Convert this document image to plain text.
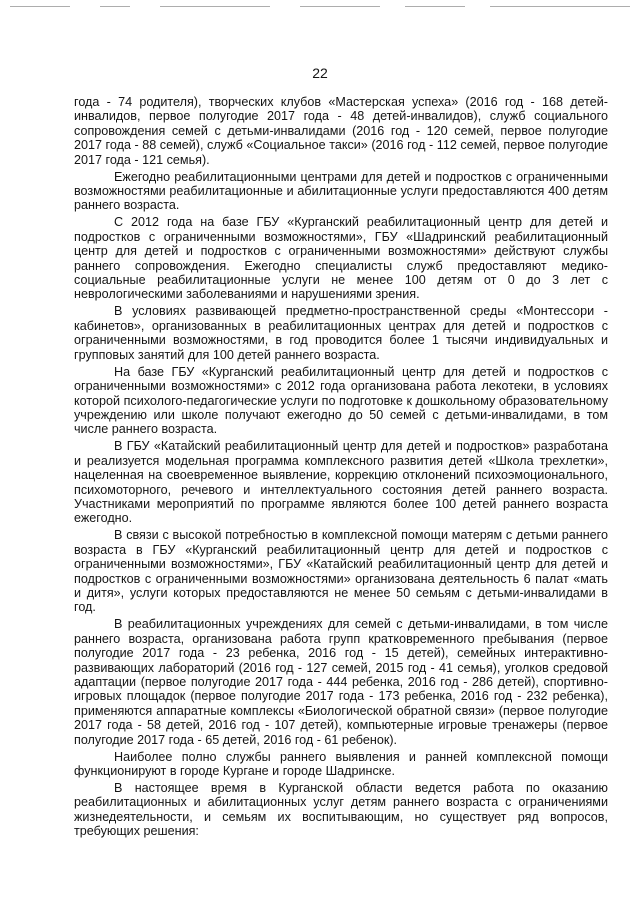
22

года - 74 родителя), творческих клубов «Мастерская успеха» (2016 год - 168 детей-инвалидов, первое полугодие 2017 года - 48 детей-инвалидов), служб социального сопровождения семей с детьми-инвалидами (2016 год - 120 семей, первое полугодие 2017 года - 88 семей), служб «Социальное такси» (2016 год - 112 семей, первое полугодие 2017 года - 121 семья).

Ежегодно реабилитационными центрами для детей и подростков с ограниченными возможностями реабилитационные и абилитационные услуги предоставляются 400 детям раннего возраста.

С 2012 года на базе ГБУ «Курганский реабилитационный центр для детей и подростков с ограниченными возможностями», ГБУ «Шадринский реабилитационный центр для детей и подростков с ограниченными возможностями» действуют службы раннего сопровождения. Ежегодно специалисты служб предоставляют медико-социальные реабилитационные услуги не менее 100 детям от 0 до 3 лет с неврологическими заболеваниями и нарушениями зрения.

В условиях развивающей предметно-пространственной среды «Монтессори - кабинетов», организованных в реабилитационных центрах для детей и подростков с ограниченными возможностями, в год проводится более 1 тысячи индивидуальных и групповых занятий для 100 детей раннего возраста.

На базе ГБУ «Курганский реабилитационный центр для детей и подростков с ограниченными возможностями» с 2012 года организована работа лекотеки, в условиях которой психолого-педагогические услуги по подготовке к дошкольному образовательному учреждению или школе получают ежегодно до 50 семей с детьми-инвалидами, в том числе раннего возраста.

В ГБУ «Катайский реабилитационный центр для детей и подростков» разработана и реализуется модельная программа комплексного развития детей «Школа трехлетки», нацеленная на своевременное выявление, коррекцию отклонений психоэмоционального, психомоторного, речевого и интеллектуального состояния детей раннего возраста. Участниками мероприятий по программе являются более 100 детей раннего возраста ежегодно.

В связи с высокой потребностью в комплексной помощи матерям с детьми раннего возраста в ГБУ «Курганский реабилитационный центр для детей и подростков с ограниченными возможностями», ГБУ «Катайский реабилитационный центр для детей и подростков с ограниченными возможностями» организована деятельность 6 палат «мать и дитя», услуги которых предоставляются не менее 50 семьям с детьми-инвалидами в год.

В реабилитационных учреждениях для семей с детьми-инвалидами, в том числе раннего возраста, организована работа групп кратковременного пребывания (первое полугодие 2017 года - 23 ребенка, 2016 год - 15 детей), семейных интерактивно-развивающих лабораторий (2016 год - 127 семей, 2015 год - 41 семья), уголков средовой адаптации (первое полугодие 2017 года - 444 ребенка, 2016 год - 286 детей), спортивно-игровых площадок (первое полугодие 2017 года - 173 ребенка, 2016 год - 232 ребенка), применяются аппаратные комплексы «Биологической обратной связи» (первое полугодие 2017 года - 58 детей, 2016 год - 107 детей), компьютерные игровые тренажеры (первое полугодие 2017 года - 65 детей, 2016 год - 61 ребенок).

Наиболее полно службы раннего выявления и ранней комплексной помощи функционируют в городе Кургане и городе Шадринске.

В настоящее время в Курганской области ведется работа по оказанию реабилитационных и абилитационных услуг детям раннего возраста с ограничениями жизнедеятельности, и семьям их воспитывающим, но существует ряд вопросов, требующих решения:
